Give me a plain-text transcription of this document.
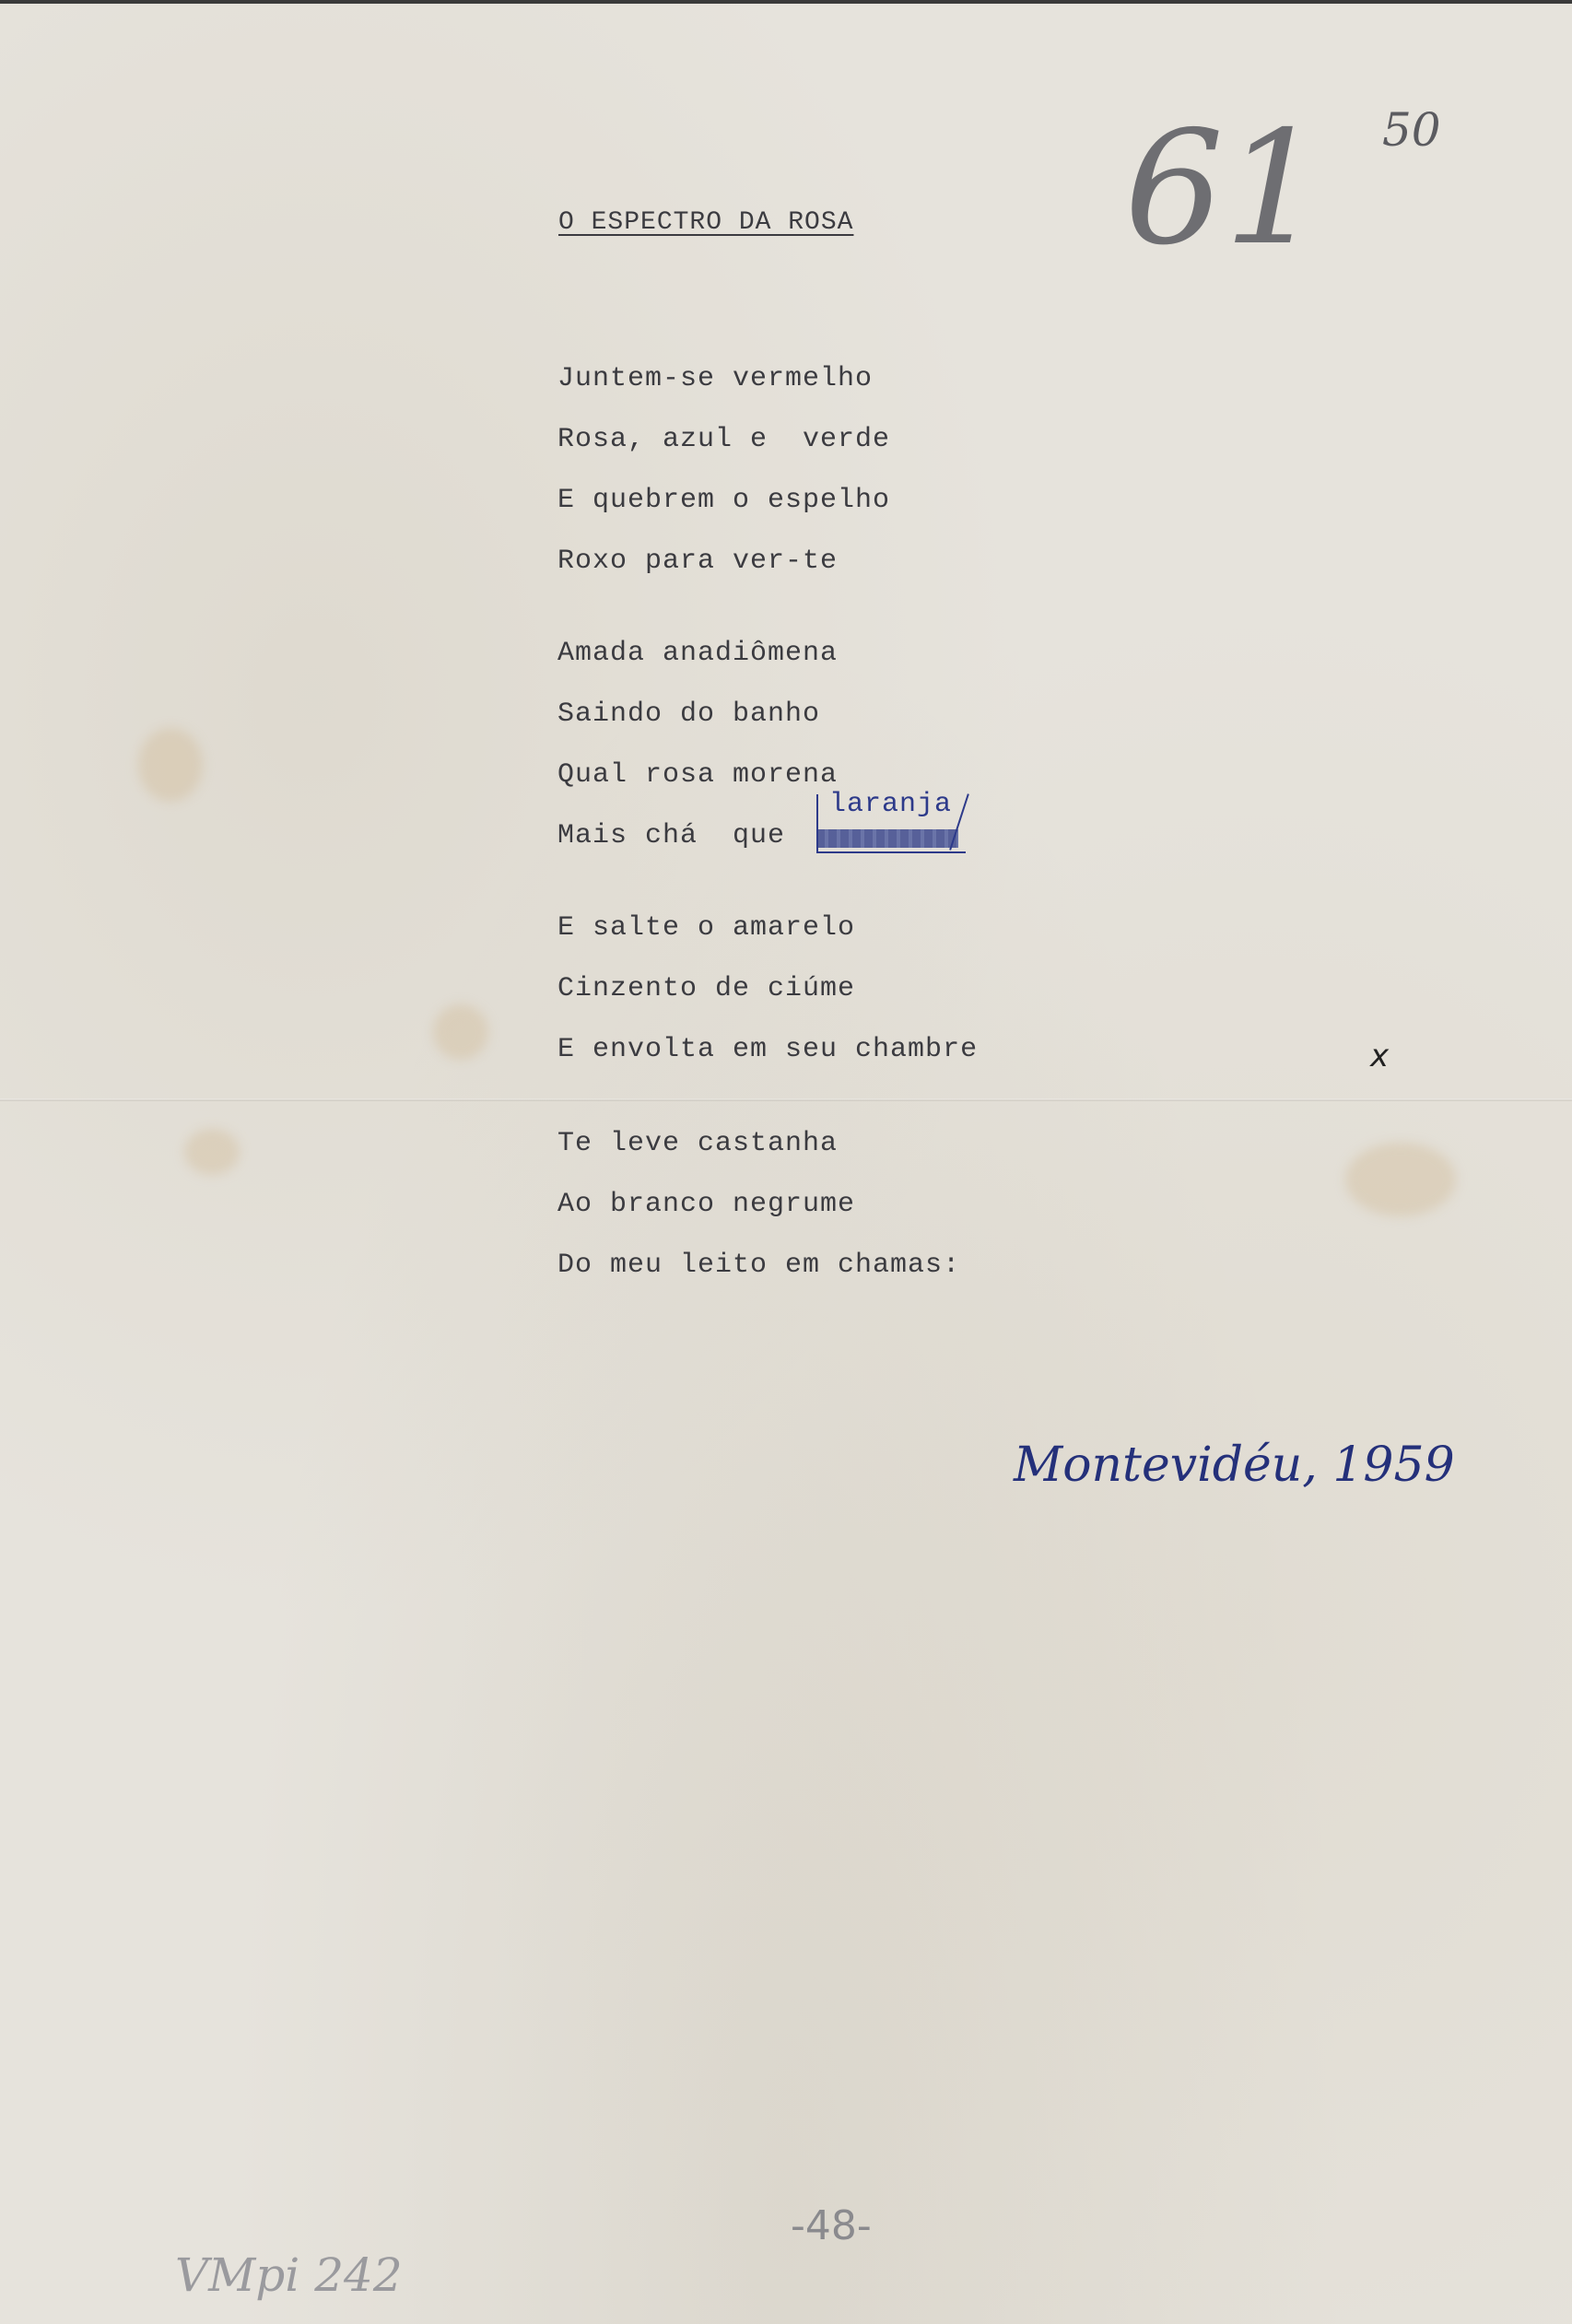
61 50
O ESPECTRO DA ROSA
Juntem-se vermelho
Rosa, azul e  verde
E quebrem o espelho
Roxo para ver-te
Amada anadiômena
Saindo do banho
Qual rosa morena
Mais chá  que
laranja
E salte o amarelo
Cinzento de ciúme
E envolta em seu chambre	x
Te leve castanha
Ao branco negrume
Do meu leito em chamas:
Montevidéu, 1959
-48-
VMpi 242
